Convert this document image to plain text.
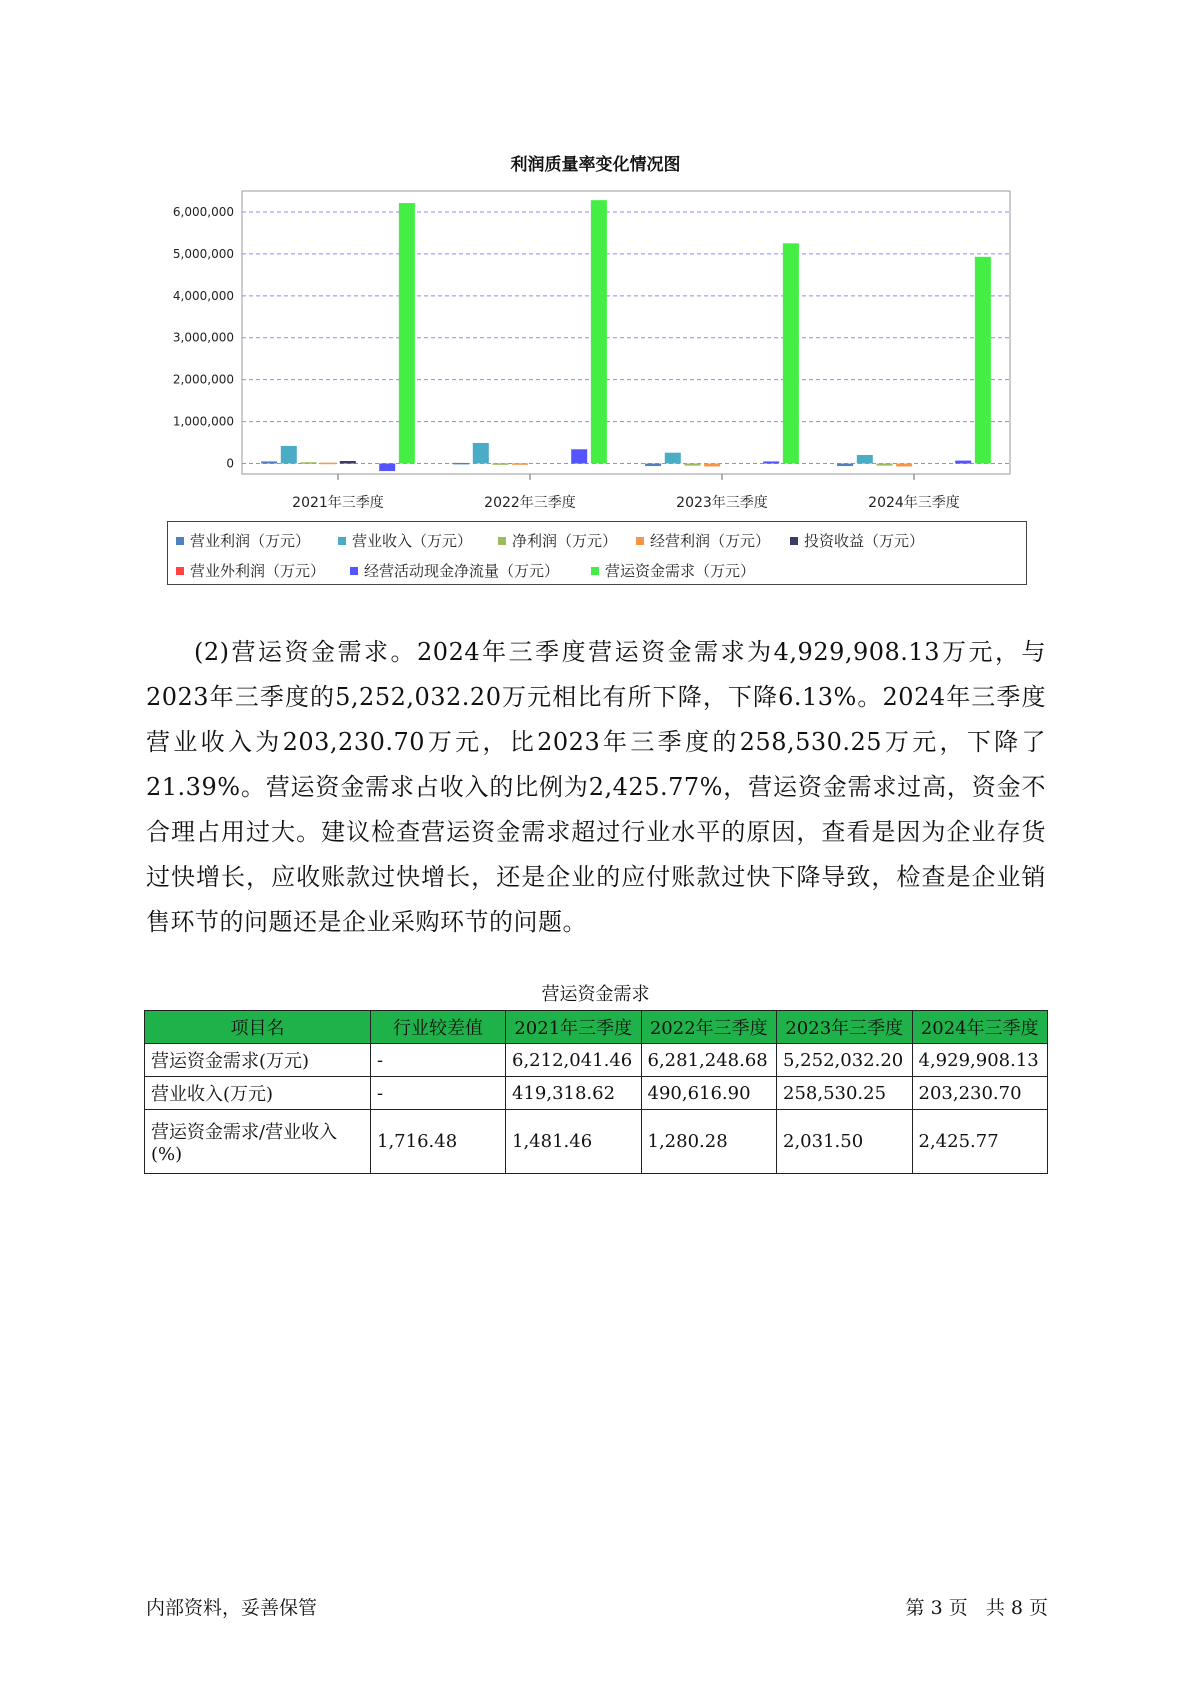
利润质量率变化情况图
0
1,000,000
2,000,000
3,000,000
4,000,000
5,000,000
6,000,000
2021年三季度	2022年三季度	2023年三季度	2024年三季度
营业利润（万元）	营业收入（万元）	净利润（万元） 经营利润（万元） 投资收益（万元）
营业外利润（万元）	经营活动现金净流量（万元）	营运资金需求（万元）

(2)营运资金需求。2024年三季度营运资金需求为4,929,908.13万元，与2023年三季度的5,252,032.20万元相比有所下降，下降6.13%。2024年三季度营业收入为203,230.70万元，比2023年三季度的258,530.25万元，下降了21.39%。营运资金需求占收入的比例为2,425.77%，营运资金需求过高，资金不合理占用过大。建议检查营运资金需求超过行业水平的原因，查看是因为企业存货过快增长，应收账款过快增长，还是企业的应付账款过快下降导致，检查是企业销售环节的问题还是企业采购环节的问题。

营运资金需求
项目名	行业较差值	2021年三季度	2022年三季度	2023年三季度	2024年三季度
营运资金需求(万元)	-	6,212,041.46	6,281,248.68	5,252,032.20	4,929,908.13
营业收入(万元)	-	419,318.62	490,616.90	258,530.25	203,230.70
营运资金需求/营业收入(%)	1,716.48	1,481.46	1,280.28	2,031.50	2,425.77
内部资料，妥善保管	第 3 页   共 8 页
